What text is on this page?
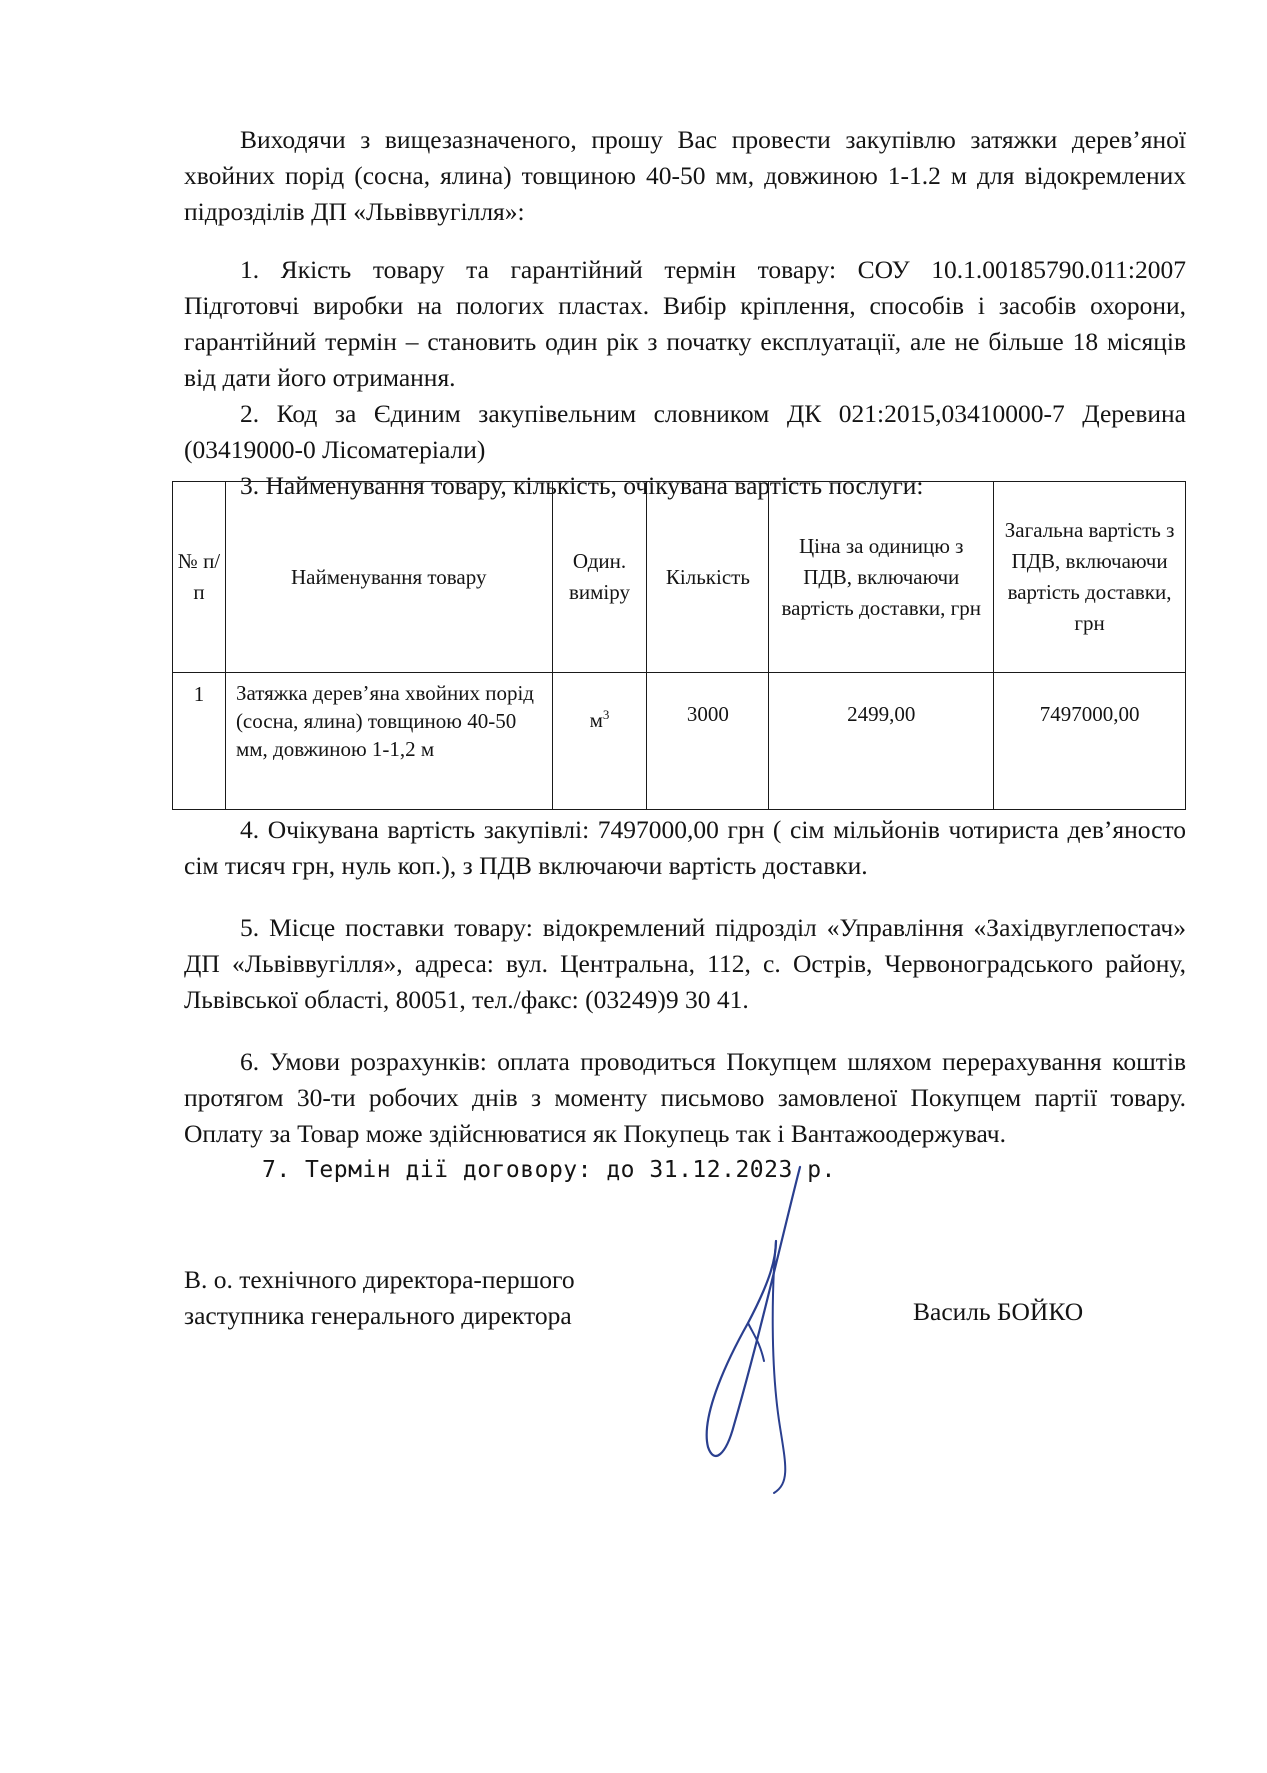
Виходячи з вищезазначеного, прошу Вас провести закупівлю затяжки дерев’яної хвойних порід (сосна, ялина) товщиною 40-50 мм, довжиною 1-1.2 м для відокремлених підрозділів ДП «Львіввугілля»:

1. Якість товару та гарантійний термін товару: СОУ 10.1.00185790.011:2007 Підготовчі виробки на пологих пластах. Вибір кріплення, способів і засобів охорони, гарантійний термін – становить один рік з початку експлуатації, але не більше 18 місяців від дати його отримання.

2. Код за Єдиним закупівельним словником ДК 021:2015,03410000-7 Деревина (03419000-0 Лісоматеріали)

3. Найменування товару, кількість, очікувана вартість послуги:

№ п/п	Найменування товару	Один. виміру	Кількість	Ціна за одиницю з ПДВ, включаючи вартість доставки, грн	Загальна вартість з ПДВ, включаючи вартість доставки, грн
1	Затяжка дерев’яна хвойних порід (сосна, ялина) товщиною 40-50 мм, довжиною 1-1,2 м	$м^3$	3000	2499,00	7497000,00

4. Очікувана вартість закупівлі: 7497000,00 грн ( сім мільйонів чотириста дев’яносто сім тисяч грн, нуль коп.), з ПДВ включаючи вартість доставки.

5. Місце поставки товару: відокремлений підрозділ «Управління «Західвуглепостач» ДП «Львіввугілля», адреса: вул. Центральна, 112, с. Острів, Червоноградського району, Львівської області, 80051, тел./факс: (03249)9 30 41.

6. Умови розрахунків: оплата проводиться Покупцем шляхом перерахування коштів протягом 30-ти робочих днів з моменту письмово замовленої Покупцем партії товару. Оплату за Товар може здійснюватися як Покупець так і Вантажоодержувач.

7. Термін дії договору: до 31.12.2023 р.

В. о. технічного директора-першого
заступника генерального директора	Василь БОЙКО
